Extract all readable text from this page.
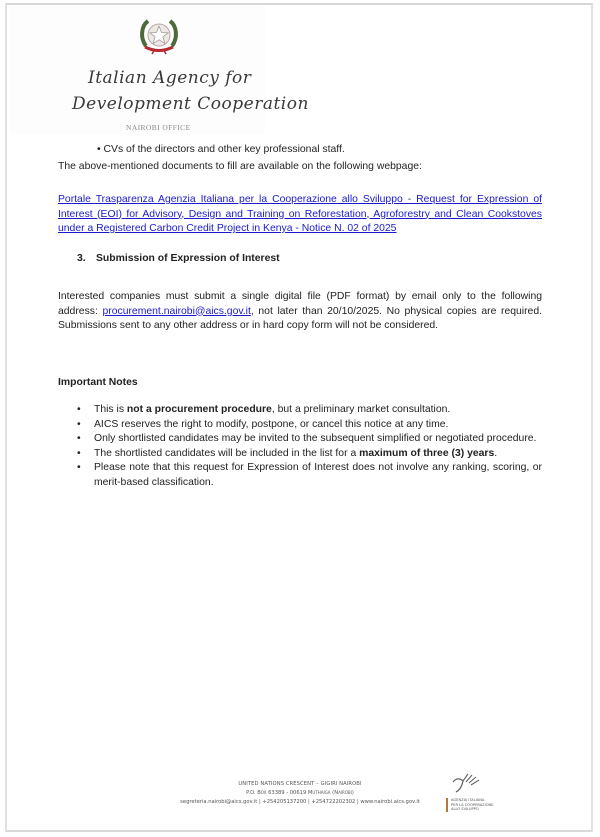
Italian Agency for
Development Cooperation
NAIROBI OFFICE
• CVs of the directors and other key professional staff.
The above-mentioned documents to fill are available on the following webpage:
Portale Trasparenza Agenzia Italiana per la Cooperazione allo Sviluppo - Request for Expression of Interest (EOI) for Advisory, Design and Training on Reforestation, Agroforestry and Clean Cookstoves under a Registered Carbon Credit Project in Kenya - Notice N. 02 of 2025
3. Submission of Expression of Interest
Interested companies must submit a single digital file (PDF format) by email only to the following address: procurement.nairobi@aics.gov.it, not later than 20/10/2025. No physical copies are required. Submissions sent to any other address or in hard copy form will not be considered.
Important Notes
• This is not a procurement procedure, but a preliminary market consultation.
• AICS reserves the right to modify, postpone, or cancel this notice at any time.
• Only shortlisted candidates may be invited to the subsequent simplified or negotiated procedure.
• The shortlisted candidates will be included in the list for a maximum of three (3) years.
• Please note that this request for Expression of Interest does not involve any ranking, scoring, or merit-based classification.
UNITED NATIONS CRESCENT – GIGIRI NAIROBI
P.O. Box 63389 - 00619 Muthaiga (Nairobi)
segreteria.nairobi@aics.gov.it | +254205137200 | +254722202302 | www.nairobi.aics.gov.it	AGENZIA ITALIANA
PER LA COOPERAZIONE
ALLO SVILUPPO
